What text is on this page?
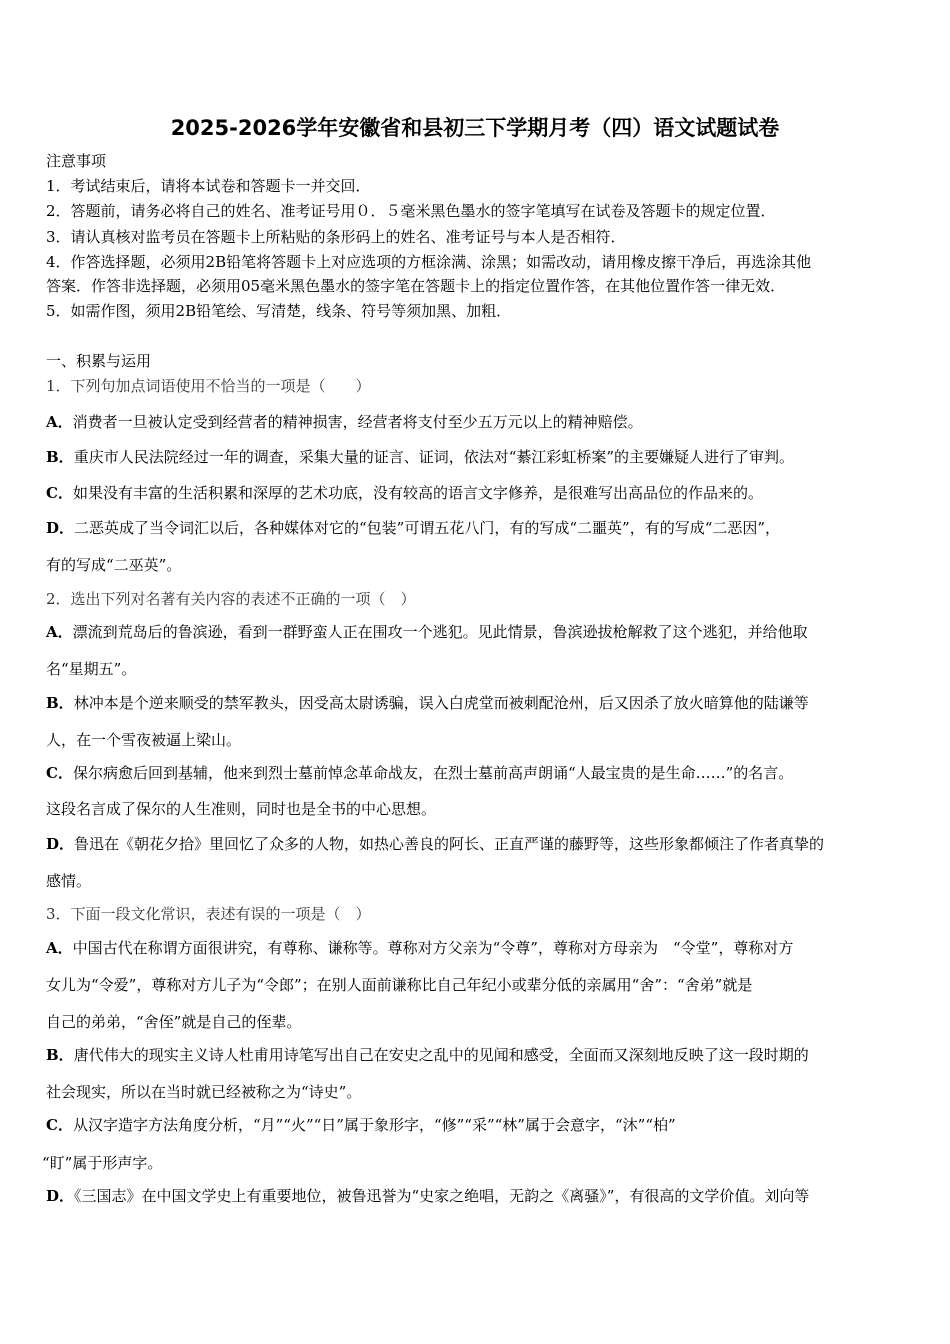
2025-2026学年安徽省和县初三下学期月考（四）语文试题试卷
注意事项
1．考试结束后，请将本试卷和答题卡一并交回．
2．答题前，请务必将自己的姓名、准考证号用０．５毫米黑色墨水的签字笔填写在试卷及答题卡的规定位置．
3．请认真核对监考员在答题卡上所粘贴的条形码上的姓名、准考证号与本人是否相符．
4．作答选择题，必须用2B铅笔将答题卡上对应选项的方框涂满、涂黑；如需改动，请用橡皮擦干净后，再选涂其他
答案．作答非选择题，必须用05毫米黑色墨水的签字笔在答题卡上的指定位置作答，在其他位置作答一律无效．
5．如需作图，须用2B铅笔绘、写清楚，线条、符号等须加黑、加粗．
一、积累与运用
1．下列句加点词语使用不恰当的一项是（　　）
A．消费者一旦被认定受到经营者的精神损害，经营者将支付至少五万元以上的精神赔偿。
B．重庆市人民法院经过一年的调查，采集大量的证言、证词，依法对“綦江彩虹桥案”的主要嫌疑人进行了审判。
C．如果没有丰富的生活积累和深厚的艺术功底，没有较高的语言文字修养，是很难写出高品位的作品来的。
D．二恶英成了当令词汇以后，各种媒体对它的“包装”可谓五花八门，有的写成“二噩英”，有的写成“二恶因”，
有的写成“二巫英”。
2．选出下列对名著有关内容的表述不正确的一项（　）
A．漂流到荒岛后的鲁滨逊，看到一群野蛮人正在围攻一个逃犯。见此情景，鲁滨逊拔枪解救了这个逃犯，并给他取
名“星期五”。
B．林冲本是个逆来顺受的禁军教头，因受高太尉诱骗，误入白虎堂而被刺配沧州，后又因杀了放火暗算他的陆谦等
人，在一个雪夜被逼上梁山。
C．保尔病愈后回到基辅，他来到烈士墓前悼念革命战友，在烈士墓前高声朗诵“人最宝贵的是生命……”的名言。
这段名言成了保尔的人生准则，同时也是全书的中心思想。
D．鲁迅在《朝花夕拾》里回忆了众多的人物，如热心善良的阿长、正直严谨的藤野等，这些形象都倾注了作者真挚的
感情。
3．下面一段文化常识，表述有误的一项是（　）
A．中国古代在称谓方面很讲究，有尊称、谦称等。尊称对方父亲为“令尊”，尊称对方母亲为　“令堂”，尊称对方
女儿为“令爱”，尊称对方儿子为“令郎”；在别人面前谦称比自己年纪小或辈分低的亲属用“舍”：“舍弟”就是
自己的弟弟，“舍侄”就是自己的侄辈。
B．唐代伟大的现实主义诗人杜甫用诗笔写出自己在安史之乱中的见闻和感受，全面而又深刻地反映了这一段时期的
社会现实，所以在当时就已经被称之为“诗史”。
C．从汉字造字方法角度分析，“月”“火”“日”属于象形字，“修”“采”“林”属于会意字，“沐”“柏”
“盯”属于形声字。
D．《三国志》在中国文学史上有重要地位，被鲁迅誉为“史家之绝唱，无韵之《离骚》”，有很高的文学价值。刘向等
